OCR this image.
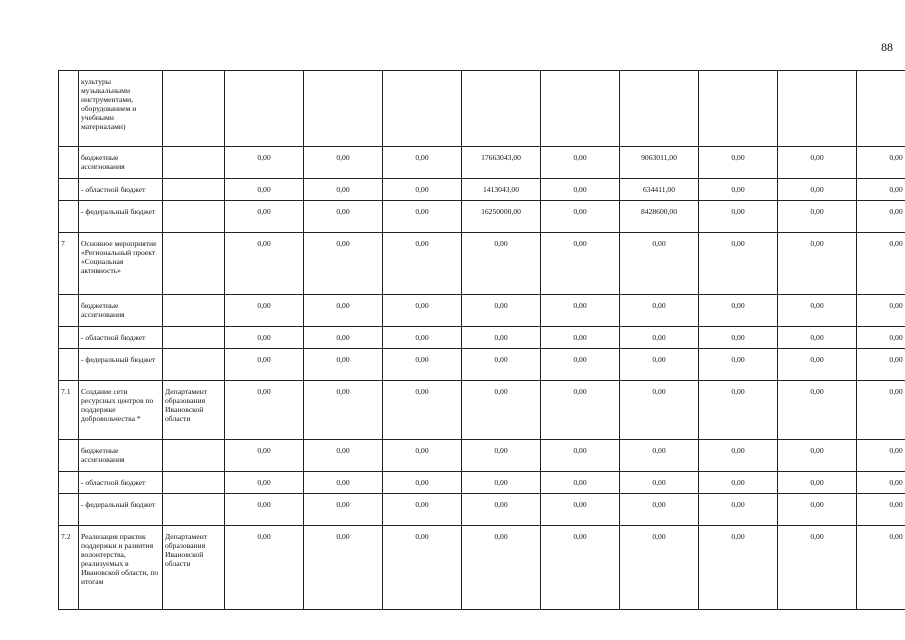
88
	культуры музыкальными инструментами, оборудованием и учебными материалами)										
	бюджетные ассигнования		0,00	0,00	0,00	17663043,00	0,00	9063011,00	0,00	0,00	0,00
	- областной бюджет		0,00	0,00	0,00	1413043,00	0,00	634411,00	0,00	0,00	0,00
	- федеральный бюджет		0,00	0,00	0,00	16250000,00	0,00	8428600,00	0,00	0,00	0,00
7	Основное мероприятие «Региональный проект «Социальная активность»		0,00	0,00	0,00	0,00	0,00	0,00	0,00	0,00	0,00
	бюджетные ассигнования		0,00	0,00	0,00	0,00	0,00	0,00	0,00	0,00	0,00
	- областной бюджет		0,00	0,00	0,00	0,00	0,00	0,00	0,00	0,00	0,00
	- федеральный бюджет		0,00	0,00	0,00	0,00	0,00	0,00	0,00	0,00	0,00
7.1	Создание сети ресурсных центров по поддержке добровольчества *	Департамент образования Ивановской области	0,00	0,00	0,00	0,00	0,00	0,00	0,00	0,00	0,00
	бюджетные ассигнования		0,00	0,00	0,00	0,00	0,00	0,00	0,00	0,00	0,00
	- областной бюджет		0,00	0,00	0,00	0,00	0,00	0,00	0,00	0,00	0,00
	- федеральный бюджет		0,00	0,00	0,00	0,00	0,00	0,00	0,00	0,00	0,00
7.2	Реализация практик поддержки и развития волонтерства, реализуемых в Ивановской области, по итогам	Департамент образования Ивановской области	0,00	0,00	0,00	0,00	0,00	0,00	0,00	0,00	0,00
